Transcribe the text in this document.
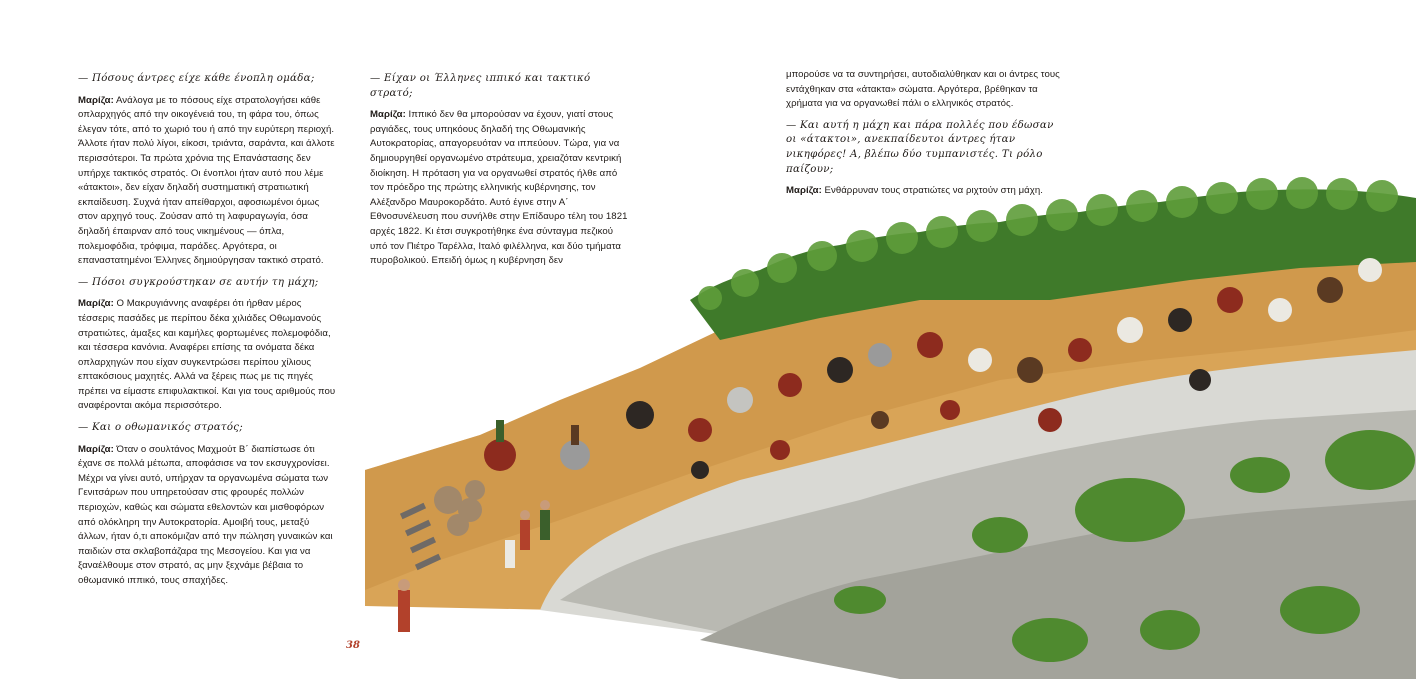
— Πόσους άντρες είχε κάθε ένοπλη ομάδα;

Μαρίζα: Ανάλογα με το πόσους είχε στρατολογήσει κάθε οπλαρχηγός από την οικογένειά του, τη φάρα του, όπως έλεγαν τότε, από το χωριό του ή από την ευρύτερη περιοχή. Άλλοτε ήταν πολύ λίγοι, είκοσι, τριάντα, σαράντα, και άλλοτε περισσότεροι. Τα πρώτα χρόνια της Επανάστασης δεν υπήρχε τακτικός στρατός. Οι ένοπλοι ήταν αυτό που λέμε «άτακτοι», δεν είχαν δηλαδή συστηματική στρατιωτική εκπαίδευση. Συχνά ήταν απείθαρχοι, αφοσιωμένοι όμως στον αρχηγό τους. Ζούσαν από τη λαφυραγωγία, όσα δηλαδή έπαιρναν από τους νικημένους — όπλα, πολεμοφόδια, τρόφιμα, παράδες. Αργότερα, οι επαναστατημένοι Έλληνες δημιούργησαν τακτικό στρατό.

— Πόσοι συγκρούστηκαν σε αυτήν τη μάχη;

Μαρίζα: Ο Μακρυγιάννης αναφέρει ότι ήρθαν μέρος τέσσερις πασάδες με περίπου δέκα χιλιάδες Οθωμανούς στρατιώτες, άμαξες και καμήλες φορτωμένες πολεμοφόδια, και τέσσερα κανόνια. Αναφέρει επίσης τα ονόματα δέκα οπλαρχηγών που είχαν συγκεντρώσει περίπου χίλιους επτακόσιους μαχητές. Αλλά να ξέρεις πως με τις πηγές πρέπει να είμαστε επιφυλακτικοί. Και για τους αριθμούς που αναφέρονται ακόμα περισσότερο.

— Και ο οθωμανικός στρατός;

Μαρίζα: Όταν ο σουλτάνος Μαχμούτ Β΄ διαπίστωσε ότι έχανε σε πολλά μέτωπα, αποφάσισε να τον εκσυγχρονίσει. Μέχρι να γίνει αυτό, υπήρχαν τα οργανωμένα σώματα των Γενιτσάρων που υπηρετούσαν στις φρουρές πολλών περιοχών, καθώς και σώματα εθελοντών και μισθοφόρων από ολόκληρη την Αυτοκρατορία. Αμοιβή τους, μεταξύ άλλων, ήταν ό,τι αποκόμιζαν από την πώληση γυναικών και παιδιών στα σκλαβοπάζαρα της Μεσογείου. Και για να ξαναέλθουμε στον στρατό, ας μην ξεχνάμε βέβαια το οθωμανικό ιππικό, τους σπαχήδες.

— Είχαν οι Έλληνες ιππικό και τακτικό στρατό;

Μαρίζα: Ιππικό δεν θα μπορούσαν να έχουν, γιατί στους ραγιάδες, τους υπηκόους δηλαδή της Οθωμανικής Αυτοκρατορίας, απαγορευόταν να ιππεύουν. Τώρα, για να δημιουργηθεί οργανωμένο στράτευμα, χρειαζόταν κεντρική διοίκηση. Η πρόταση για να οργανωθεί στρατός ήλθε από τον πρόεδρο της πρώτης ελληνικής κυβέρνησης, τον Αλέξανδρο Μαυροκορδάτο. Αυτό έγινε στην Α΄ Εθνοσυνέλευση που συνήλθε στην Επίδαυρο τέλη του 1821 αρχές 1822. Κι έτσι συγκροτήθηκε ένα σύνταγμα πεζικού υπό τον Πιέτρο Ταρέλλα, Ιταλό φιλέλληνα, και δύο τμήματα πυροβολικού. Επειδή όμως η κυβέρνηση δεν

μπορούσε να τα συντηρήσει, αυτοδιαλύθηκαν και οι άντρες τους εντάχθηκαν στα «άτακτα» σώματα. Αργότερα, βρέθηκαν τα χρήματα για να οργανωθεί πάλι ο ελληνικός στρατός.

— Και αυτή η μάχη και πάρα πολλές που έδωσαν οι «άτακτοι», ανεκπαίδευτοι άντρες ήταν νικηφόρες! Α, βλέπω δύο τυμπανιστές. Τι ρόλο παίζουν;

Μαρίζα: Ενθάρρυναν τους στρατιώτες να ριχτούν στη μάχη.

38
